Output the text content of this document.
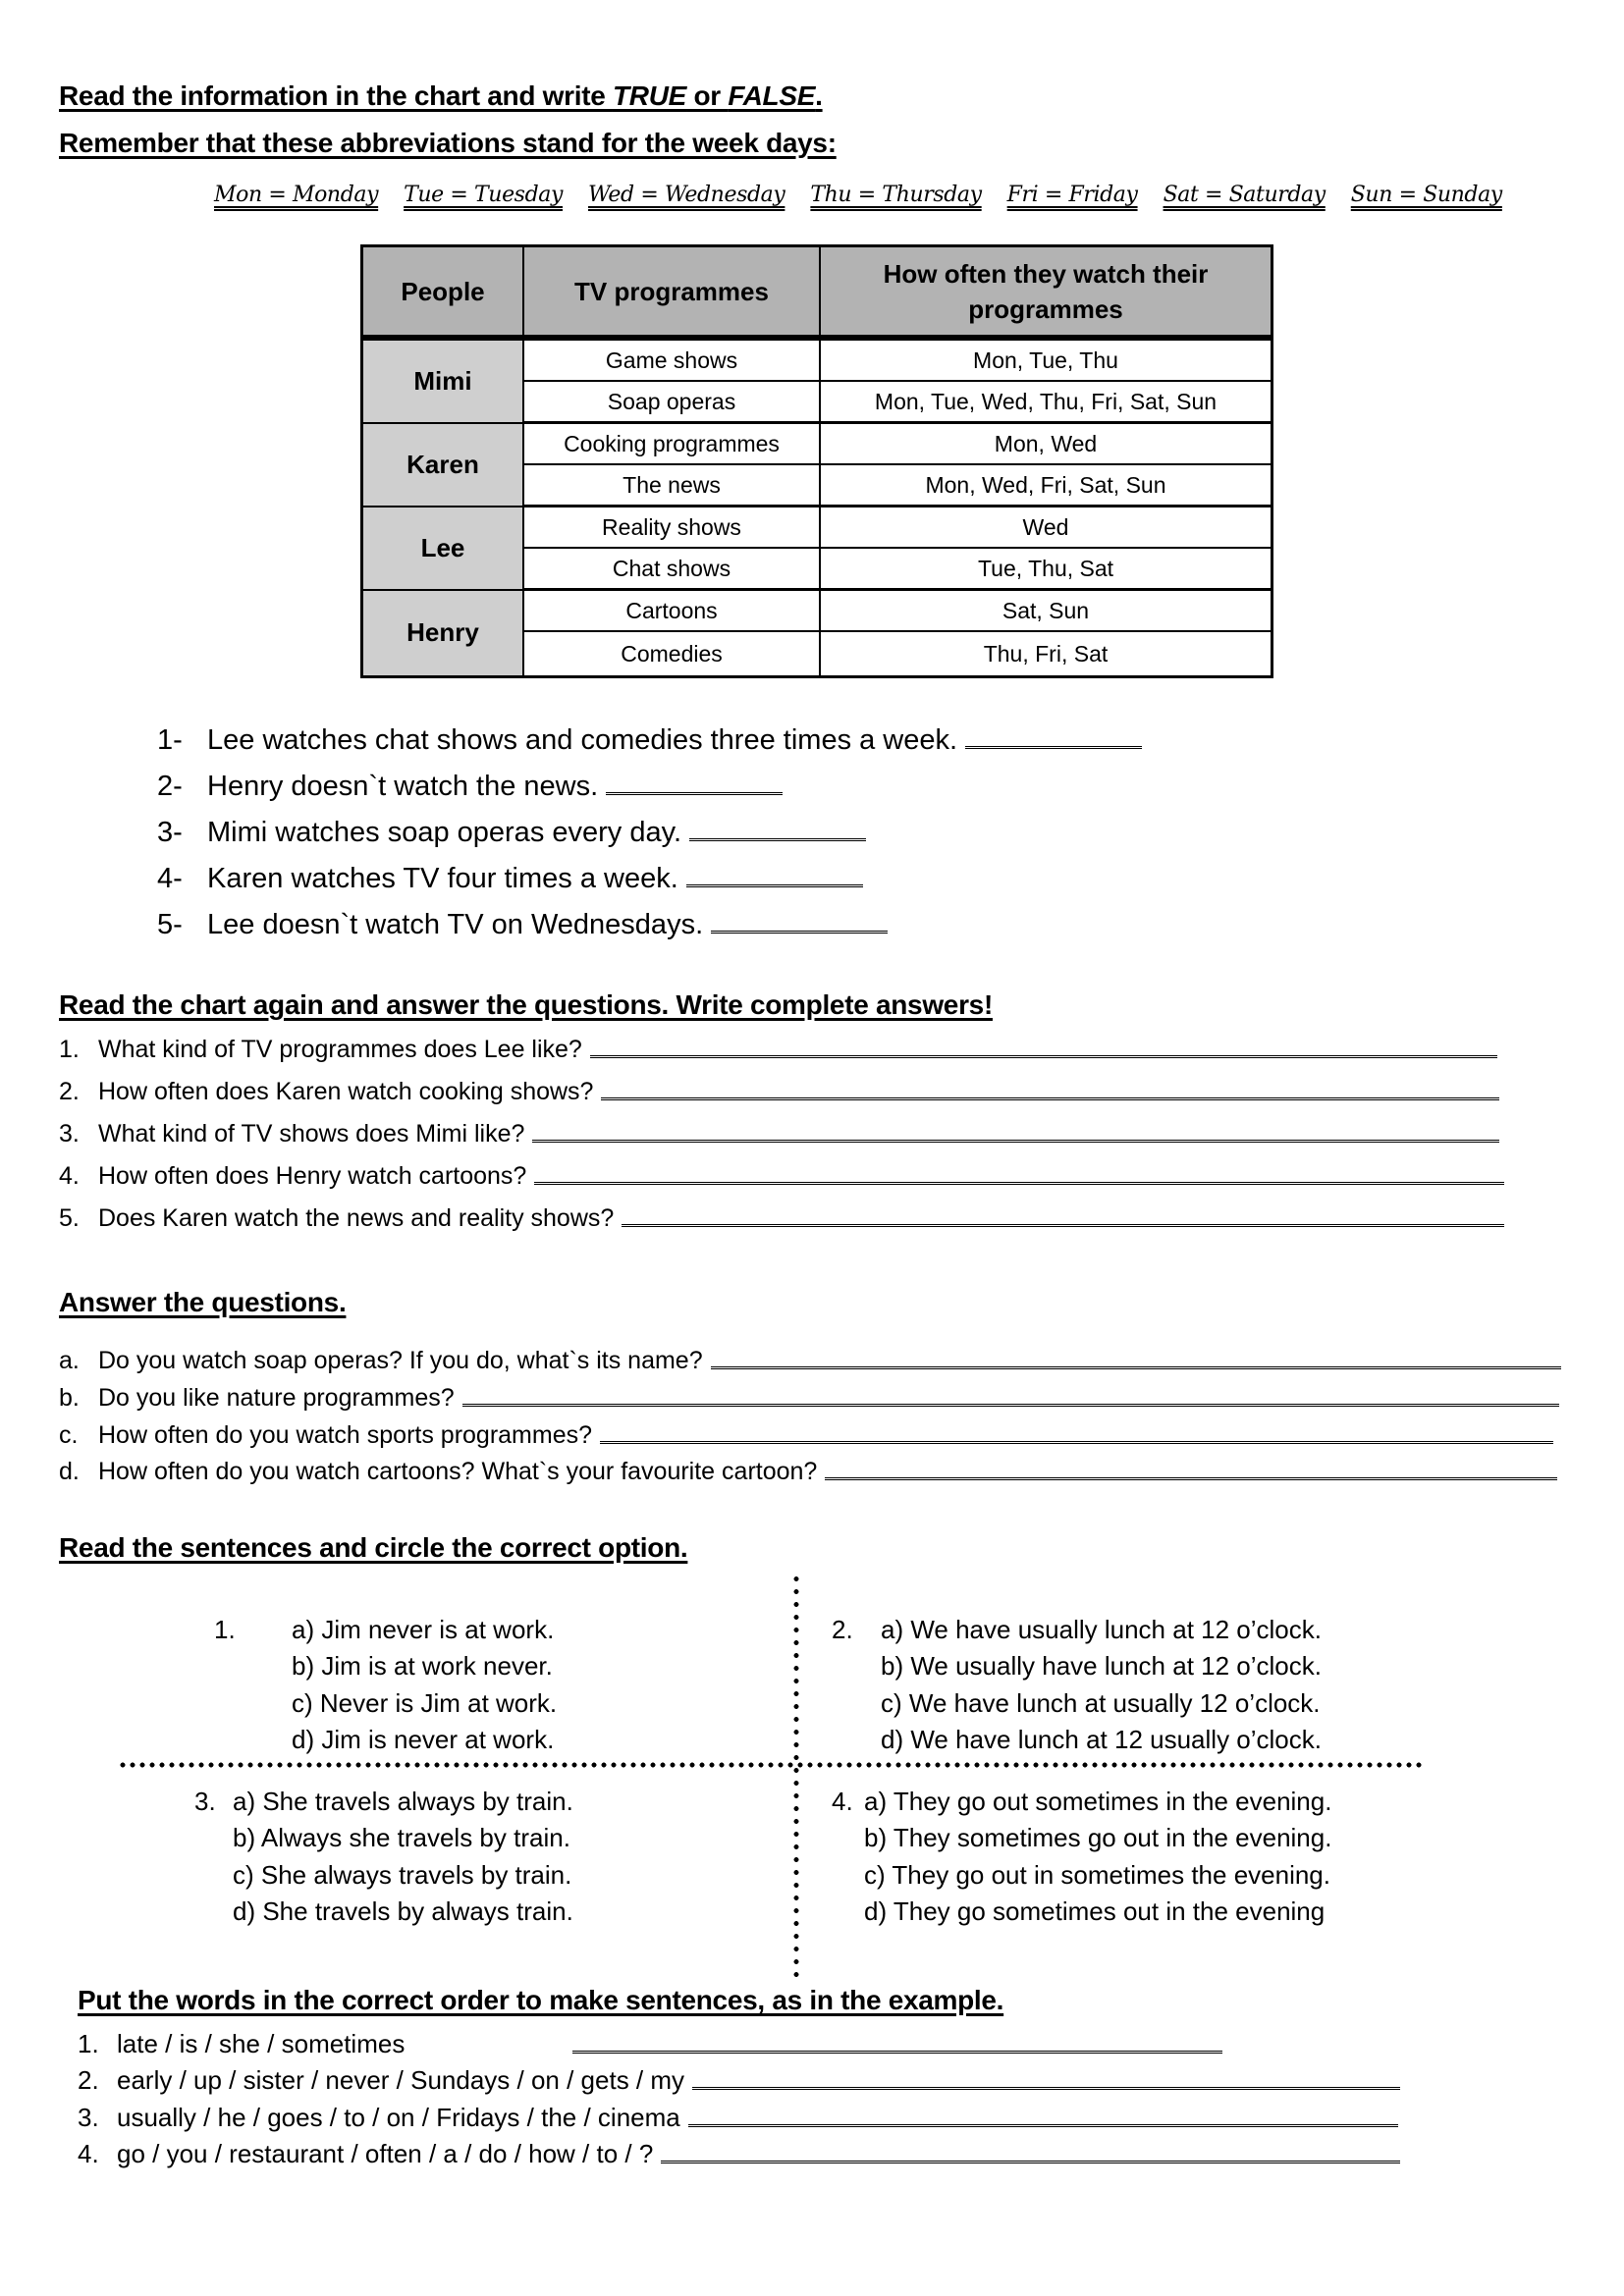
Read the information in the chart and write TRUE or FALSE.
Remember that these abbreviations stand for the week days:
Mon = Monday Tue = Tuesday Wed = Wednesday Thu = Thursday Fri = Friday Sat = Saturday Sun = Sunday
People	TV programmes	How often they watch their programmes
Mimi	Game shows	Mon, Tue, Thu
	Soap operas	Mon, Tue, Wed, Thu, Fri, Sat, Sun
Karen	Cooking programmes	Mon, Wed
	The news	Mon, Wed, Fri, Sat, Sun
Lee	Reality shows	Wed
	Chat shows	Tue, Thu, Sat
Henry	Cartoons	Sat, Sun
	Comedies	Thu, Fri, Sat
1- Lee watches chat shows and comedies three times a week.
2- Henry doesn`t watch the news.
3- Mimi watches soap operas every day.
4- Karen watches TV four times a week.
5- Lee doesn`t watch TV on Wednesdays.
Read the chart again and answer the questions. Write complete answers!
1. What kind of TV programmes does Lee like?
2. How often does Karen watch cooking shows?
3. What kind of TV shows does Mimi like?
4. How often does Henry watch cartoons?
5. Does Karen watch the news and reality shows?
Answer the questions.
a. Do you watch soap operas? If you do, what`s its name?
b. Do you like nature programmes?
c. How often do you watch sports programmes?
d. How often do you watch cartoons? What`s your favourite cartoon?
Read the sentences and circle the correct option.
1. a) Jim never is at work.
b) Jim is at work never.
c) Never is Jim at work.
d) Jim is never at work.
2. a) We have usually lunch at 12 o’clock.
b) We usually have lunch at 12 o’clock.
c) We have lunch at usually 12 o’clock.
d) We have lunch at 12 usually o’clock.
3. a) She travels always by train.
b) Always she travels by train.
c) She always travels by train.
d) She travels by always train.
4. a) They go out sometimes in the evening.
b) They sometimes go out in the evening.
c) They go out in sometimes the evening.
d) They go sometimes out in the evening
Put the words in the correct order to make sentences, as in the example.
1. late / is / she / sometimes
2. early / up / sister / never / Sundays / on / gets / my
3. usually / he / goes / to / on / Fridays / the / cinema
4. go / you / restaurant / often / a / do / how / to / ?
